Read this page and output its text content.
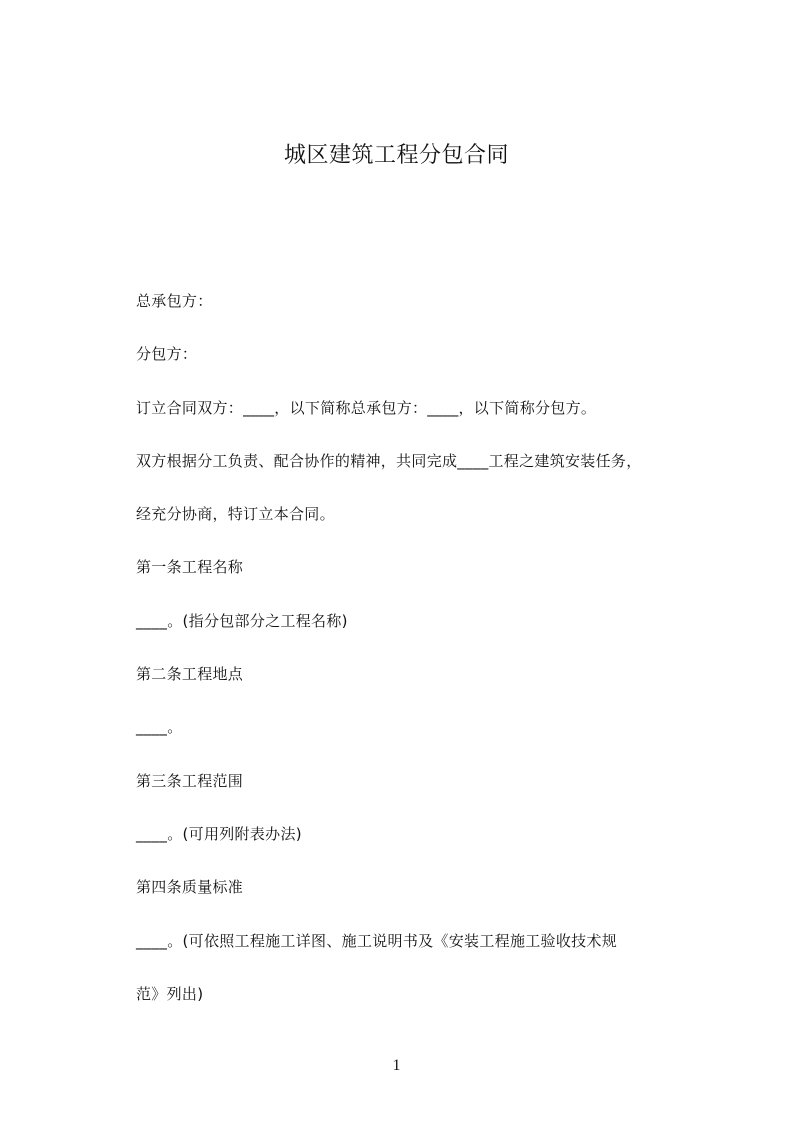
城区建筑工程分包合同
总承包方：
分包方：
订立合同双方：____，以下简称总承包方：____，以下简称分包方。
双方根据分工负责、配合协作的精神，共同完成____工程之建筑安装任务，
经充分协商，特订立本合同。
第一条工程名称
____。(指分包部分之工程名称)
第二条工程地点
____。
第三条工程范围
____。(可用列附表办法)
第四条质量标准
____。(可依照工程施工详图、施工说明书及《安装工程施工验收技术规
范》列出)
1
